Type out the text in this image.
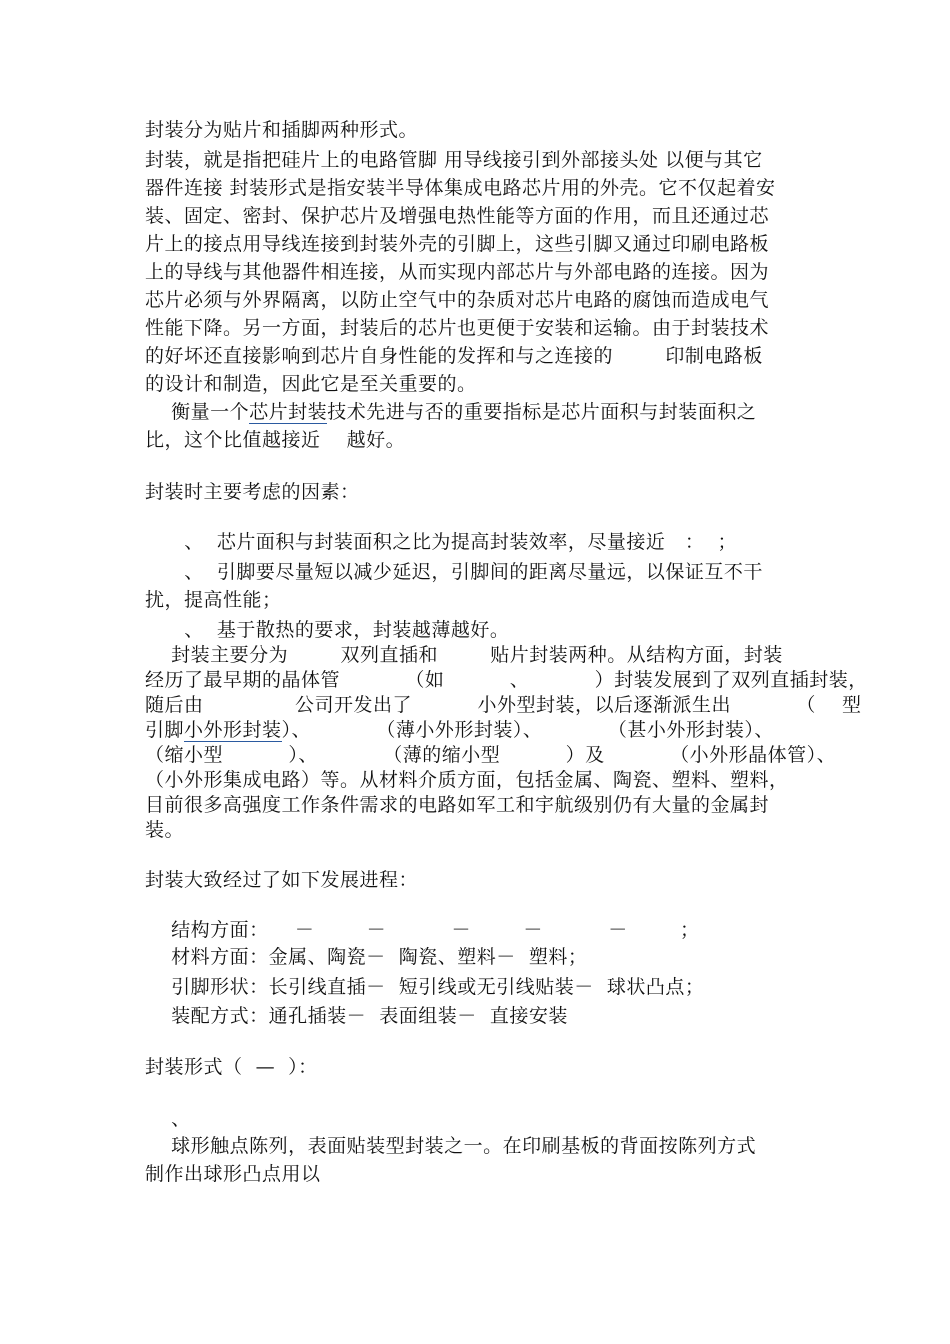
封装分为贴片和插脚两种形式。
封装，就是指把硅片上的电路管脚 用导线接引到外部接头处 以便与其它
器件连接 封装形式是指安装半导体集成电路芯片用的外壳。它不仅起着安
装、固定、密封、保护芯片及增强电热性能等方面的作用，而且还通过芯
片上的接点用导线连接到封装外壳的引脚上，这些引脚又通过印刷电路板
上的导线与其他器件相连接，从而实现内部芯片与外部电路的连接。因为
芯片必须与外界隔离，以防止空气中的杂质对芯片电路的腐蚀而造成电气
性能下降。另一方面，封装后的芯片也更便于安装和运输。由于封装技术
的好坏还直接影响到芯片自身性能的发挥和与之连接的        印制电路板
的设计和制造，因此它是至关重要的。
衡量一个芯片封装技术先进与否的重要指标是芯片面积与封装面积之
比，这个比值越接近    越好。
封装时主要考虑的因素：
、  芯片面积与封装面积之比为提高封装效率，尽量接近   ：  ；
、  引脚要尽量短以减少延迟，引脚间的距离尽量远，以保证互不干
扰，提高性能；
、  基于散热的要求，封装越薄越好。
封装主要分为        双列直插和        贴片封装两种。从结构方面，封装
经历了最早期的晶体管          （如          、          ）封装发展到了双列直插封装，
随后由              公司开发出了          小外型封装，以后逐渐派生出          （    型
引脚小外形封装）、          （薄小外形封装）、          （甚小外形封装）、
（缩小型          ）、          （薄的缩小型          ）及          （小外形晶体管）、
（小外形集成电路）等。从材料介质方面，包括金属、陶瓷、塑料、塑料，
目前很多高强度工作条件需求的电路如军工和宇航级别仍有大量的金属封
装。
封装大致经过了如下发展进程：
结构方面：    －        －          －        －          －        ；
材料方面：金属、陶瓷－  陶瓷、塑料－  塑料；
引脚形状：长引线直插－  短引线或无引线贴装－  球状凸点；
装配方式：通孔插装－  表面组装－  直接安装
封装形式（  —  ）：
、
球形触点陈列，表面贴装型封装之一。在印刷基板的背面按陈列方式
制作出球形凸点用以
